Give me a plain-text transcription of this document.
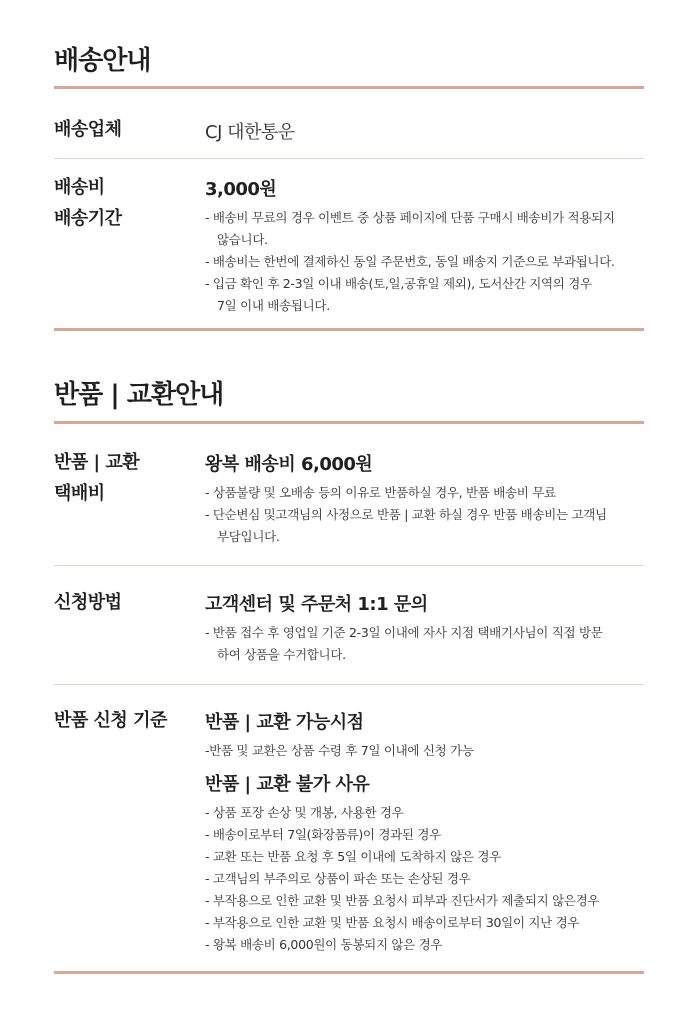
배송안내
배송업체	CJ 대한통운
배송비
배송기간
3,000원
- 배송비 무료의 경우 이벤트 중 상품 페이지에 단품 구매시 배송비가 적용되지
않습니다.
- 배송비는 한번에 결제하신 동일 주문번호, 동일 배송지 기준으로 부과됩니다.
- 입금 확인 후 2-3일 이내 배송(토,일,공휴일 제외), 도서산간 지역의 경우
7일 이내 배송됩니다.
반품 | 교환안내
반품 | 교환
택배비
왕복 배송비 6,000원
- 상품불량 및 오배송 등의 이유로 반품하실 경우, 반품 배송비 무료
- 단순변심 및고객님의 사정으로 반품 | 교환 하실 경우 반품 배송비는 고객님
부담입니다.
신청방법	고객센터 및 주문처 1:1 문의
- 반품 접수 후 영업일 기준 2-3일 이내에 자사 지점 택배기사님이 직접 방문
하여 상품을 수거합니다.
반품 신청 기준 반품 | 교환 가능시점
-반품 및 교환은 상품 수령 후 7일 이내에 신청 가능
반품 | 교환 불가 사유
- 상품 포장 손상 및 개봉, 사용한 경우
- 배송이로부터 7일(화장품류)이 경과된 경우
- 교환 또는 반품 요청 후 5일 이내에 도착하지 않은 경우
- 고객님의 부주의로 상품이 파손 또는 손상된 경우
- 부작용으로 인한 교환 및 반품 요청시 피부과 진단서가 제출되지 않은경우
- 부작용으로 인한 교환 및 반품 요청시 배송이로부터 30일이 지난 경우
- 왕복 배송비 6,000원이 동봉되지 않은 경우
